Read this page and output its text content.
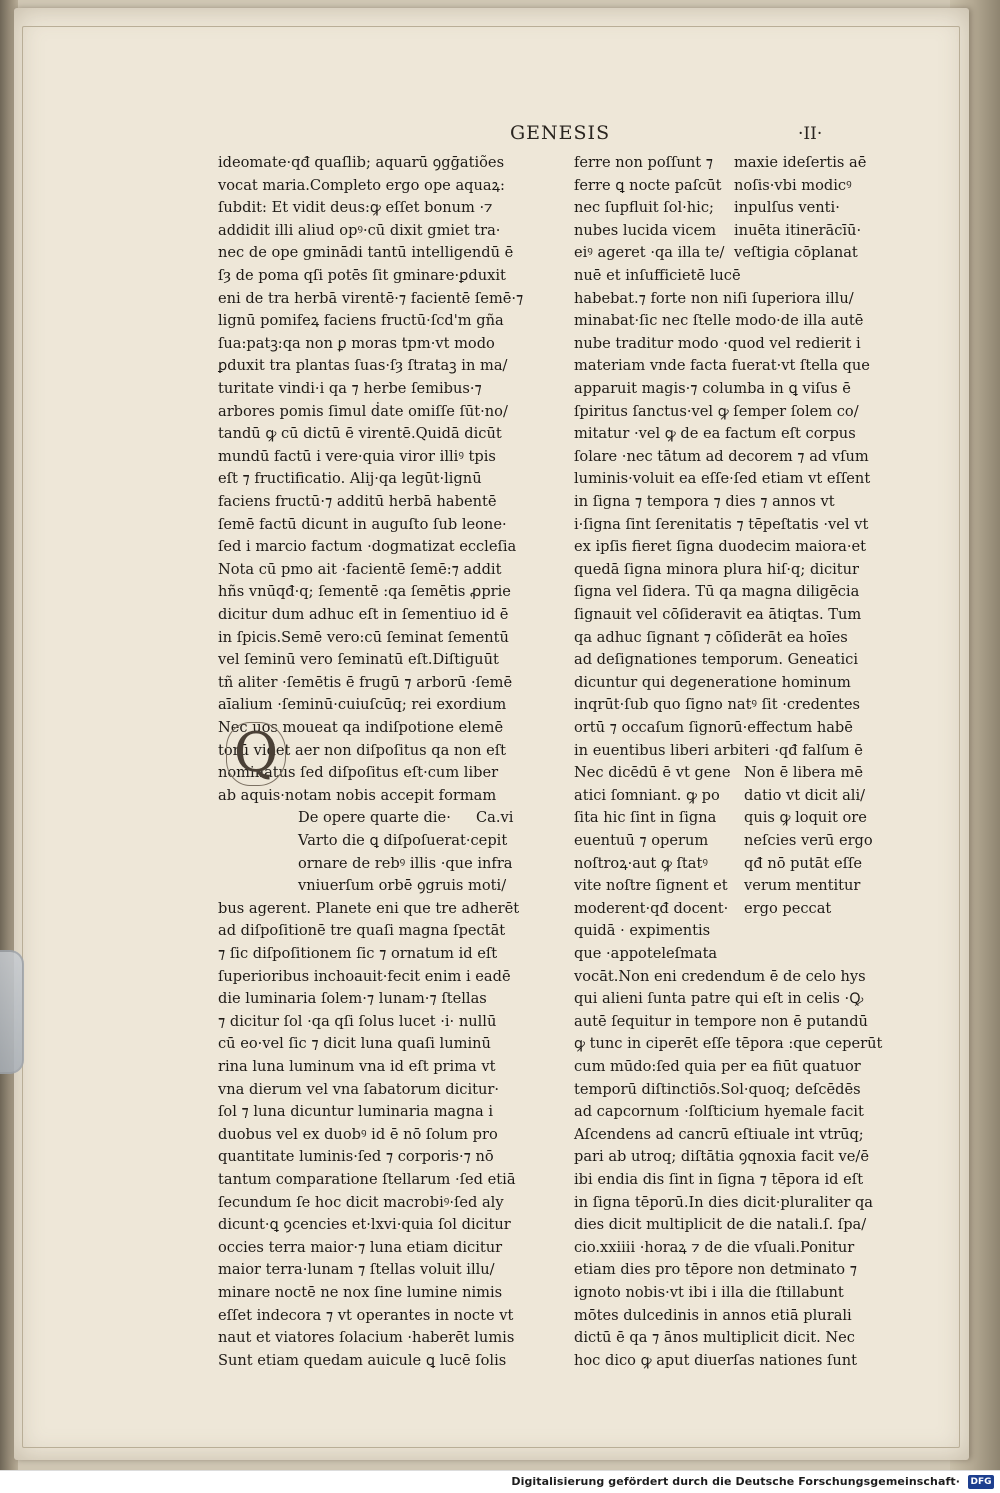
GENESIS	·II·
ideomate·qđ quaſlib; aquarū ꝯgḡatiões
vocat maria.Completo ergo ope aquaꝝ:
ſubdit: Et vidit deus:ꝙ eſſet bonum ·⁊
addidit illi aliud opꝰ·cū dixit gmiet tra·
nec de ope gminādi tantū intelligendū ē
ſȝ de poma qſi potēs ſit gminare·ꝑduxit
eni de tra herbā virentē·⁊ facientē ſemē·⁊
lignū pomifeꝝ faciens fructū·ſcd'm gña
ſua:patꝫ:qa non ꝑ moras tpm·vt modo
ꝑduxit tra plantas ſuas·ſȝ ſtrataꝫ in ma/
turitate vindi·i qa ⁊ herbe ſemibus·⁊
arbores pomis ſimul ḋate omiſſe ſūt·no/
tandū ꝙ cū dictū ē virentē.Quidā dicūt
mundū factū i vere·quia viror illiꝰ tpis
eſt ⁊ fructificatio. Alij·qa legūt·lignū
faciens fructū·⁊ additū herbā habentē
ſemē factū dicunt in auguſto ſub leone·
ſed i marcio factum ·dogmatizat eccleſia
Nota cū pmo ait ·facientē ſemē:⁊ addit
hñs vnūqđ·q; ſementē :qa ſemētis ꝓprie
dicitur dum adhuc eſt in ſementiuo id ē
in ſpicis.Semē vero:cū ſeminat ſementū
vel ſeminū vero ſeminatū eſt.Diſtiguūt
tñ aliter ·ſemētis ē frugū ⁊ arborū ·ſemē
aīalium ·ſeminū·cuiuſcūq; rei exordium
Nec uos moueat qa indiſpotione elemē
torū videt aer non diſpoſitus qa non eſt
nominatus ſed diſpoſitus eſt·cum liber
ab aquis·notam nobis accepit formam
De opere quarte die· Ca.vi
Varto die ꝗ diſpoſuerat·cepit
ornare de rebꝰ illis ·que infra
vniuerſum orbē ꝯgruis moti/
bus agerent. Planete eni que tre adherēt
ad diſpoſitionē tre quaſi magna ſpectāt
⁊ ſic diſpoſitionem ſic ⁊ ornatum id eſt
ſuperioribus inchoauit·fecit enim i eadē
die luminaria ſolem·⁊ lunam·⁊ ſtellas
⁊ dicitur ſol ·qa qſi ſolus lucet ·i· nullū
cū eo·vel ſic ⁊ dicit luna quaſi luminū
rina luna luminum vna id eſt prima vt
vna dierum vel vna ſabatorum dicitur·
ſol ⁊ luna dicuntur luminaria magna i
duobus vel ex duobꝰ id ē nō ſolum pro
quantitate luminis·ſed ⁊ corporis·⁊ nō
tantum comparatione ſtellarum ·ſed etiā
ſecundum ſe hoc dicit macrobiꝰ·ſed aly
dicunt·ꝗ ꝯcencies et·lxvi·quia ſol dicitur
occies terra maior·⁊ luna etiam dicitur
maior terra·lunam ⁊ ſtellas voluit illu/
minare noctē ne nox ſine lumine nimis
eſſet indecora ⁊ vt operantes in nocte vt
naut et viatores ſolacium ·haberēt lumis
Sunt etiam quedam auicule ꝗ lucē ſolis
Q
ferre non poſſunt ⁊
ferre ꝗ nocte paſcūt
nec ſupfluit ſol·hic;
nubes lucida vicem
eiꝰ ageret ·qa illa te/
nuē et inſufficietē lucē
maxie ideſertis aē
noſis·vbi modicꝰ
inpulſus venti·
inuēta itinerācīū·
veſtigia cōplanat
habebat.⁊ forte non niſi ſuperiora illu/
minabat·ſic nec ſtelle modo·de illa autē
nube traditur modo ·quod vel redierit i
materiam vnde facta fuerat·vt ſtella que
apparuit magis·⁊ columba in ꝗ viſus ē
ſpiritus ſanctus·vel ꝙ ſemper ſolem co/
mitatur ·vel ꝙ de ea factum eſt corpus
ſolare ·nec tātum ad decorem ⁊ ad vſum
luminis·voluit ea eſſe·ſed etiam vt eſſent
in ſigna ⁊ tempora ⁊ dies ⁊ annos vt
i·ſigna ſint ſerenitatis ⁊ tēpeſtatis ·vel vt
ex ipſis fieret ſigna duodecim maiora·et
quedā ſigna minora plura hiſ·q; dicitur
ſigna vel ſidera. Tū qa magna diligēcia
ſignauit vel cōſideravit ea ātiqtas. Tum
qa adhuc ſignant ⁊ cōſiderāt ea hoīes
ad deſignationes temporum. Geneatici
dicuntur qui degeneratione hominum
inqrūt·ſub quo ſigno natꝰ ſit ·credentes
ortū ⁊ occaſum ſignorū·effectum habē
in euentibus liberi arbiteri ·qđ falſum ē
Nec dicēdū ē vt gene
atici ſomniant. ꝙ po
ſita hic ſint in ſigna
euentuū ⁊ operum
noſtroꝝ·aut ꝙ ſtatꝰ
vite noſtre ſignent et
moderent·qđ docent·
quidā · expimentis
que ·appoteleſmata
Non ē libera mē
datio vt dicit ali/
quis ꝙ loquit ore
neſcies verū ergo
qđ nō putāt eſſe
verum mentitur
ergo peccat
vocāt.Non eni credendum ē de celo hys
qui alieni ſunta patre qui eſt in celis ·Ꝙ
autē ſequitur in tempore non ē putandū
ꝙ tunc in ciperēt eſſe tēpora :que ceperūt
cum mūdo:ſed quia per ea fiūt quatuor
temporū diſtinctiōs.Sol·quoq; deſcēdēs
ad capcornum ·ſolſticium hyemale facit
Aſcendens ad cancrū eſtiuale int vtrūq;
pari ab utroq; diſtātia ꝯqnoxia facit ve/ē
ibi endia dis ſint in ſigna ⁊ tēpora id eſt
in ſigna tēporū.In dies dicit·pluraliter qa
dies dicit multiplicit de die natali.ſ. ſpa/
cio.xxiiii ·horaꝝ ⁊ de die vſuali.Ponitur
etiam dies pro tēpore non detminato ⁊
ignoto nobis·vt ibi i illa die ſtillabunt
mōtes dulcedinis in annos etiā plurali
dictū ē qa ⁊ ānos multiplicit dicit. Nec
hoc dico ꝙ aput diuerſas nationes ſunt
Digitalisierung gefördert durch die Deutsche Forschungsgemeinschaft· DFG
